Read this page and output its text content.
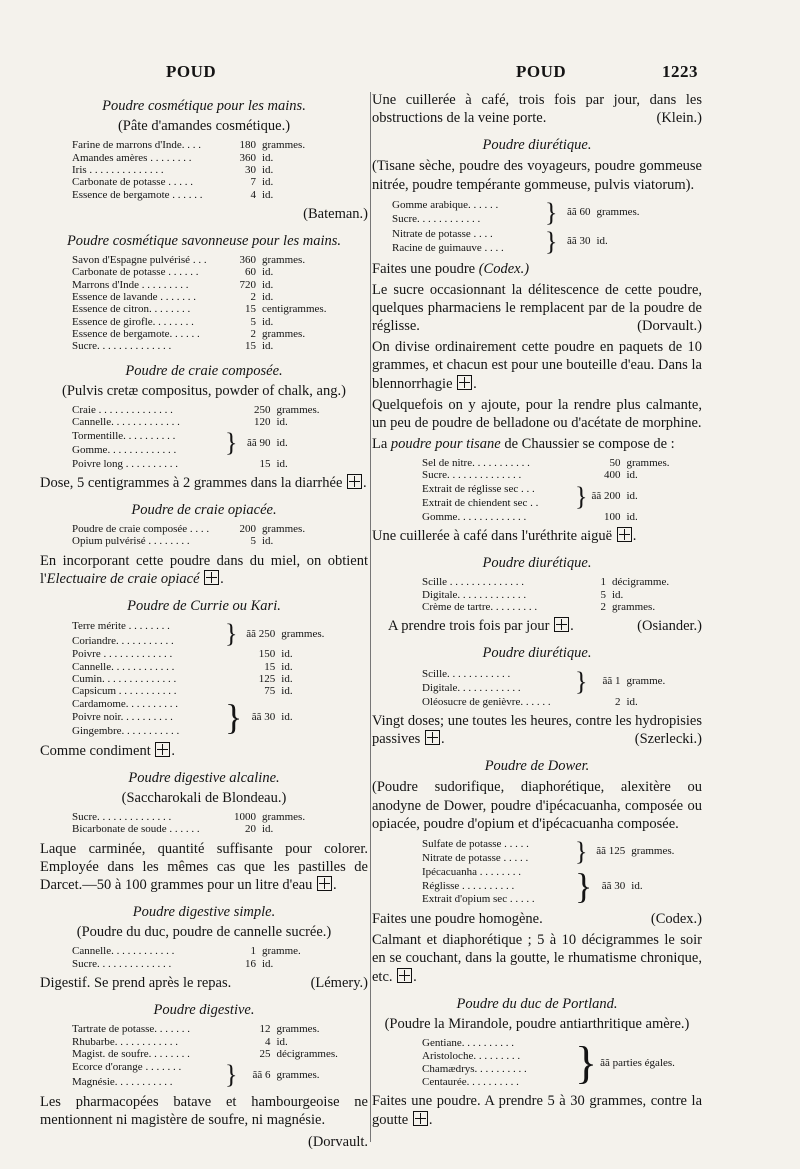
POUD	POUD	1223
Poudre cosmétique pour les mains.
(Pâte d'amandes cosmétique.)
Farine de marrons d'Inde. . . .	180	grammes.
Amandes amères . . . . . . . .	360	id.
Iris . . . . . . . . . . . . . .	30	id.
Carbonate de potasse . . . . .	7	id.
Essence de bergamote . . . . . .	4	id.
(Bateman.)
Poudre cosmétique savonneuse pour les mains.
Savon d'Espagne pulvérisé . . .	360	grammes.
Carbonate de potasse . . . . . .	60	id.
Marrons d'Inde . . . . . . . . .	720	id.
Essence de lavande . . . . . . .	2	id.
Essence de citron. . . . . . . .	15	centigrammes.
Essence de girofle. . . . . . . .	5	id.
Essence de bergamote. . . . . .	2	grammes.
Sucre. . . . . . . . . . . . . .	15	id.
Poudre de craie composée.
(Pulvis cretæ compositus, powder of chalk, ang.)
Craie . . . . . . . . . . . . . .		250	grammes.
Cannelle. . . . . . . . . . . . .		120	id.
Tormentille. . . . . . . . . .	}	ãã 90	id.
Gomme. . . . . . . . . . . . .			
Poivre long . . . . . . . . . .		15	id.
Dose, 5 centigrammes à 2 grammes dans la diarrhée .
Poudre de craie opiacée.
Poudre de craie composée . . . .	200	grammes.
Opium pulvérisé . . . . . . . .	5	id.
En incorporant cette poudre dans du miel, on obtient l'Electuaire de craie opiacé .
Poudre de Currie ou Kari.
Terre mérite . . . . . . . .	}	ãã 250	grammes.
Coriandre. . . . . . . . . . .			
Poivre . . . . . . . . . . . . .		150	id.
Cannelle. . . . . . . . . . . .		15	id.
Cumin. . . . . . . . . . . . . .		125	id.
Capsicum . . . . . . . . . . .		75	id.
Cardamome. . . . . . . . . .	}	ãã 30	id.
Poivre noir. . . . . . . . . .			
Gingembre. . . . . . . . . . .			
Comme condiment .
Poudre digestive alcaline.
(Saccharokali de Blondeau.)
Sucre. . . . . . . . . . . . . .	1000	grammes.
Bicarbonate de soude . . . . . .	20	id.
Laque carminée, quantité suffisante pour colorer. Employée dans les mêmes cas que les pastilles de Darcet.—50 à 100 grammes pour un litre d'eau .
Poudre digestive simple.
(Poudre du duc, poudre de cannelle sucrée.)
Cannelle. . . . . . . . . . . .	1	gramme.
Sucre. . . . . . . . . . . . . .	16	id.
Digestif. Se prend après le repas.	(Lémery.)
Poudre digestive.
Tartrate de potasse. . . . . . .		12	grammes.
Rhubarbe. . . . . . . . . . . .		4	id.
Magist. de soufre. . . . . . . .		25	décigrammes.
Ecorce d'orange . . . . . . .	}	ãã 6	grammes.
Magnésie. . . . . . . . . . .			
Les pharmacopées batave et hambourgeoise ne mentionnent ni magistère de soufre, ni magnésie.
(Dorvault.
Une cuillerée à café, trois fois par jour, dans les obstructions de la veine porte.	(Klein.)
Poudre diurétique.
(Tisane sèche, poudre des voyageurs, poudre gommeuse nitrée, poudre tempérante gommeuse, pulvis viatorum).
Gomme arabique. . . . . .	}	ãã 60	grammes.
Sucre. . . . . . . . . . . .			
Nitrate de potasse . . . .	}	ãã 30	id.
Racine de guimauve . . . .			
Faites une poudre (Codex.)
Le sucre occasionnant la délitescence de cette poudre, quelques pharmaciens le remplacent par de la poudre de réglisse.	(Dorvault.)
On divise ordinairement cette poudre en paquets de 10 grammes, et chacun est pour une bouteille d'eau. Dans la blennorrhagie .
Quelquefois on y ajoute, pour la rendre plus calmante, un peu de poudre de belladone ou d'acétate de morphine.
La poudre pour tisane de Chaussier se compose de :
Sel de nitre. . . . . . . . . . .		50	grammes.
Sucre. . . . . . . . . . . . . .		400	id.
Extrait de réglisse sec . . .	}	ãã 200	id.
Extrait de chiendent sec . .			
Gomme. . . . . . . . . . . . .		100	id.
Une cuillerée à café dans l'uréthrite aiguë .
Poudre diurétique.
Scille . . . . . . . . . . . . . .	1	décigramme.
Digitale. . . . . . . . . . . . .	5	id.
Crème de tartre. . . . . . . . .	2	grammes.
A prendre trois fois par jour .	(Osiander.)
Poudre diurétique.
Scille. . . . . . . . . . . .	}	ãã 1	gramme.
Digitale. . . . . . . . . . . .			
Oléosucre de genièvre. . . . . .		2	id.
Vingt doses; une toutes les heures, contre les hydropisies passives .	(Szerlecki.)
Poudre de Dower.
(Poudre sudorifique, diaphorétique, alexitère ou anodyne de Dower, poudre d'ipécacuanha, composée ou opiacée, poudre d'opium et d'ipécacuanha composée.
Sulfate de potasse . . . . .	}	ãã 125	grammes.
Nitrate de potasse . . . . .			
Ipécacuanha . . . . . . . .	}	ãã 30	id.
Réglisse . . . . . . . . . .			
Extrait d'opium sec . . . . .			
Faites une poudre homogène.	(Codex.)
Calmant et diaphorétique ; 5 à 10 décigrammes le soir en se couchant, dans la goutte, le rhumatisme chronique, etc. .
Poudre du duc de Portland.
(Poudre la Mirandole, poudre antiarthritique amère.)
Gentiane. . . . . . . . . .	}	ãã parties égales.
Aristoloche. . . . . . . . .
Chamædrys. . . . . . . . . .
Centaurée. . . . . . . . . .
Faites une poudre. A prendre 5 à 30 grammes, contre la goutte .
